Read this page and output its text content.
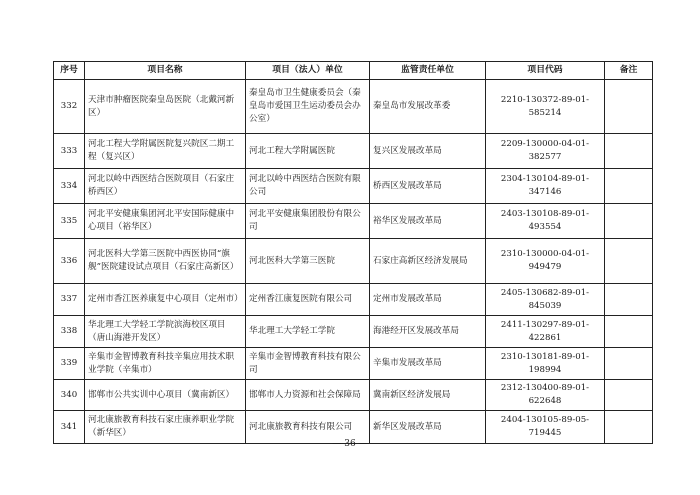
序号	项目名称	项目（法人）单位	监管责任单位	项目代码	备注
332	天津市肿瘤医院秦皇岛医院（北戴河新区）	秦皇岛市卫生健康委员会（秦皇岛市爱国卫生运动委员会办公室）	秦皇岛市发展改革委	2210-130372-89-01-585214	
333	河北工程大学附属医院复兴院区二期工程（复兴区）	河北工程大学附属医院	复兴区发展改革局	2209-130000-04-01-382577	
334	河北以岭中西医结合医院项目（石家庄桥西区）	河北以岭中西医结合医院有限公司	桥西区发展改革局	2304-130104-89-01-347146	
335	河北平安健康集团河北平安国际健康中心项目（裕华区）	河北平安健康集团股份有限公司	裕华区发展改革局	2403-130108-89-01-493554	
336	河北医科大学第三医院中西医协同“旗舰”医院建设试点项目（石家庄高新区）	河北医科大学第三医院	石家庄高新区经济发展局	2310-130000-04-01-949479	
337	定州市香江医养康复中心项目（定州市）	定州香江康复医院有限公司	定州市发展改革局	2405-130682-89-01-845039	
338	华北理工大学轻工学院滨海校区项目（唐山海港开发区）	华北理工大学轻工学院	海港经开区发展改革局	2411-130297-89-01-422861	
339	辛集市金智博教育科技辛集应用技术职业学院（辛集市）	辛集市金智博教育科技有限公司	辛集市发展改革局	2310-130181-89-01-198994	
340	邯郸市公共实训中心项目（冀南新区）	邯郸市人力资源和社会保障局	冀南新区经济发展局	2312-130400-89-01-622648	
341	河北康旅教育科技石家庄康养职业学院（新华区）	河北康旅教育科技有限公司	新华区发展改革局	2404-130105-89-05-719445	
— 36 —
